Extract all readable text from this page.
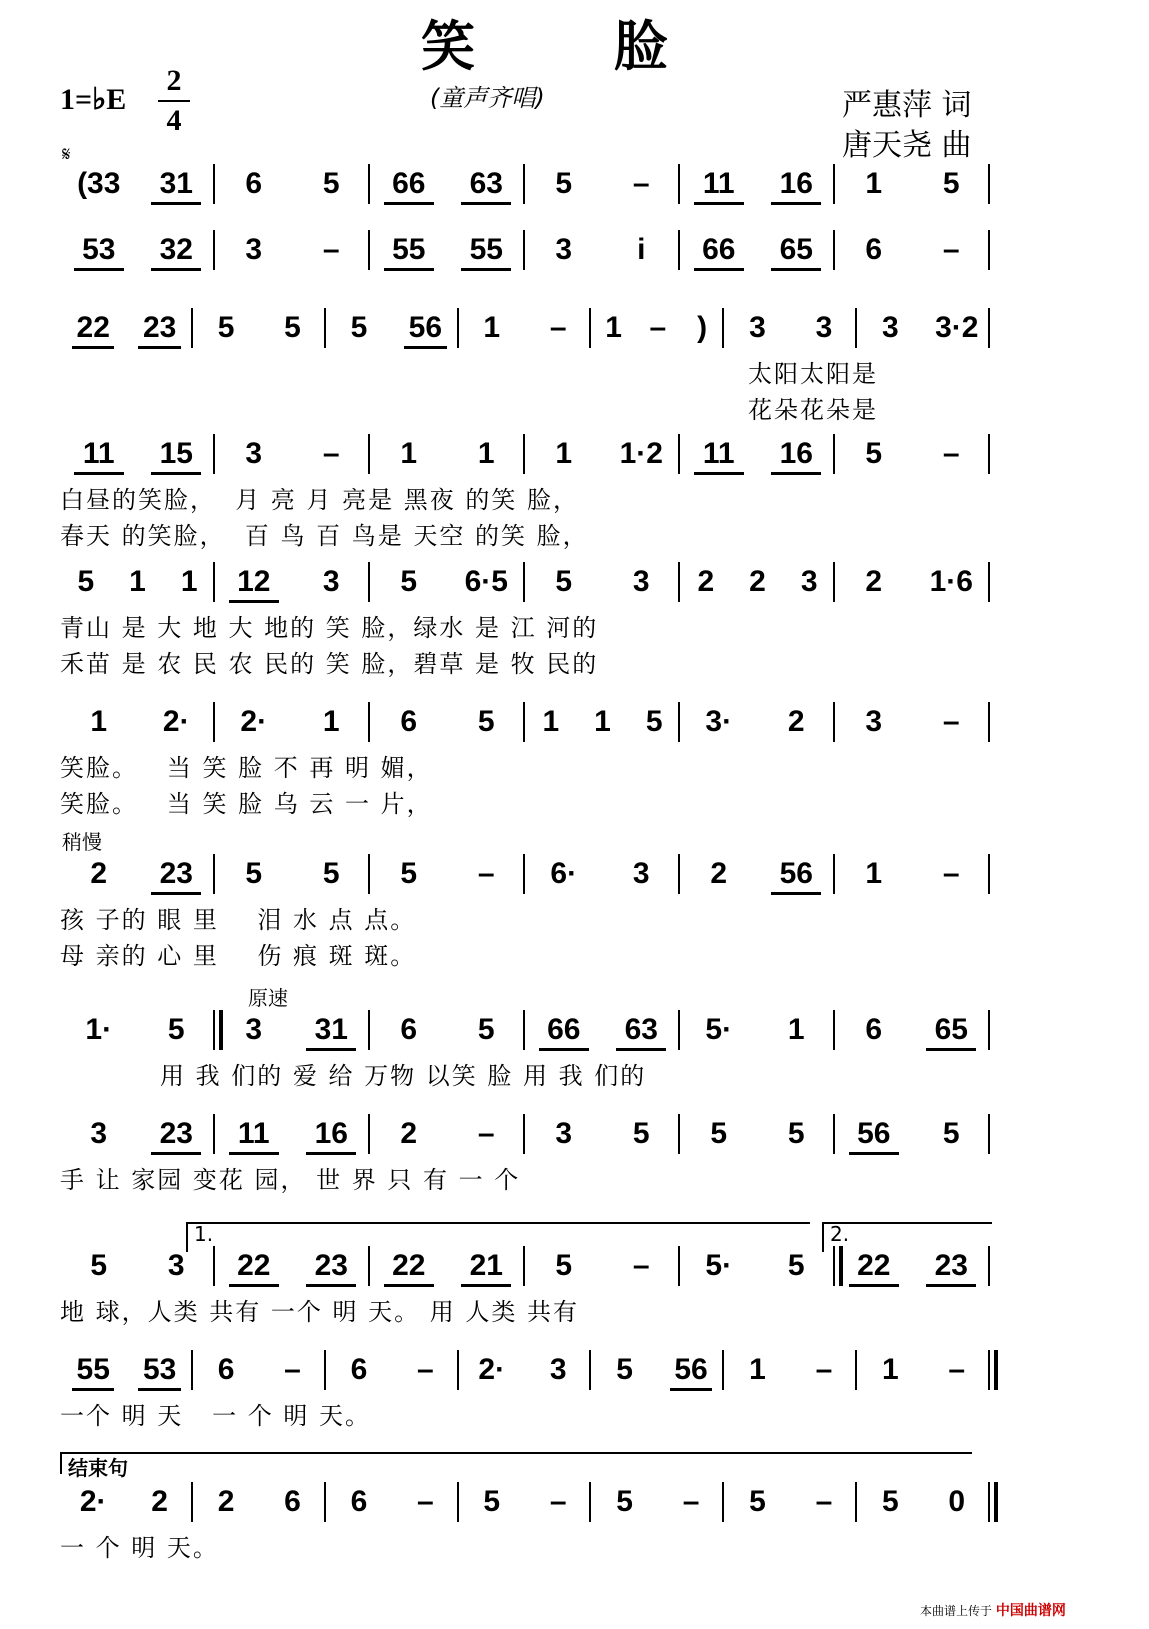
笑 脸
1=♭E
2
4
(童声齐唱)	严惠萍 词
唐天尧 曲
𝄋
(33	31	6	5	66	63	5	–	11	16	1	5
53	32	3	–	55	55	3	i	66	65	6	–
22	23	5	5	5	56	1	–	1 –	)	3	3	3	3·2
太阳太阳是
花朵花朵是
11	15	3	–	1	1	1	1·2	11	16	5	–
白昼的笑脸，  月 亮 月 亮是 黑夜 的笑 脸，
春天 的笑脸，  百 鸟 百 鸟是 天空 的笑 脸，
5	1	1	12	3	5	6·5	5	3	2	2	3	2	1·6
青山 是 大 地 大 地的 笑 脸，绿水 是 江 河的
禾苗 是 农 民 农 民的 笑 脸，碧草 是 牧 民的
1	2·	2·	1	6	5	1	1	5	3·	2	3	–
笑脸。   当 笑 脸 不 再 明 媚，
笑脸。   当 笑 脸 乌 云 一 片，
稍慢
2	23	5	5	5	–	6·	3	2	56	1	–
孩 子的 眼 里    泪 水 点 点。
母 亲的 心 里    伤 痕 斑 斑。
原速
1·	5	3	31	6	5	66	63	5·	1	6	65
用 我 们的 爱 给 万物 以笑 脸 用 我 们的
3	23	11	16	2	–	3	5	5	5	56	5
手 让 家园 变花 园， 世 界 只 有 一 个
1.	2.
5	3	22	23	22	21	5	–	5·	5	22	23
地 球，人类 共有 一个 明 天。 用 人类 共有
55	53	6	–	6	–	2·	3	5	56	1	–	1	–
一个 明 天   一 个 明 天。
结束句
2·	2	2	6	6	–	5	–	5	–	5	–	5	0
一 个 明 天。
本曲谱上传于 中国曲谱网
